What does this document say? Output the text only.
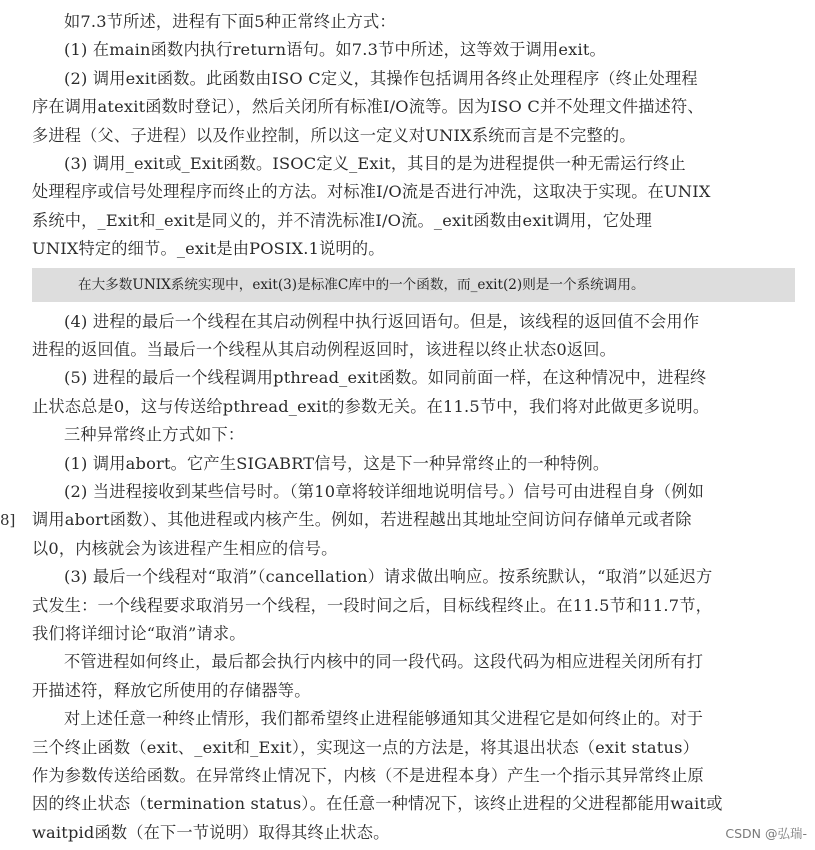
如7.3节所述，进程有下面5种正常终止方式：
(1) 在main函数内执行return语句。如7.3节中所述，这等效于调用exit。
(2) 调用exit函数。此函数由ISO C定义，其操作包括调用各终止处理程序（终止处理程
序在调用atexit函数时登记），然后关闭所有标准I/O流等。因为ISO C并不处理文件描述符、
多进程（父、子进程）以及作业控制，所以这一定义对UNIX系统而言是不完整的。
(3) 调用_exit或_Exit函数。ISOC定义_Exit，其目的是为进程提供一种无需运行终止
处理程序或信号处理程序而终止的方法。对标准I/O流是否进行冲洗，这取决于实现。在UNIX
系统中，_Exit和_exit是同义的，并不清洗标准I/O流。_exit函数由exit调用，它处理
UNIX特定的细节。_exit是由POSIX.1说明的。
在大多数UNIX系统实现中，exit(3)是标准C库中的一个函数，而_exit(2)则是一个系统调用。
(4) 进程的最后一个线程在其启动例程中执行返回语句。但是，该线程的返回值不会用作
进程的返回值。当最后一个线程从其启动例程返回时，该进程以终止状态0返回。
(5) 进程的最后一个线程调用pthread_exit函数。如同前面一样，在这种情况中，进程终
止状态总是0，这与传送给pthread_exit的参数无关。在11.5节中，我们将对此做更多说明。
三种异常终止方式如下：
(1) 调用abort。它产生SIGABRT信号，这是下一种异常终止的一种特例。
(2) 当进程接收到某些信号时。（第10章将较详细地说明信号。）信号可由进程自身（例如
调用abort函数）、其他进程或内核产生。例如，若进程越出其地址空间访问存储单元或者除
以0，内核就会为该进程产生相应的信号。
(3) 最后一个线程对“取消”（cancellation）请求做出响应。按系统默认，“取消”以延迟方
式发生：一个线程要求取消另一个线程，一段时间之后，目标线程终止。在11.5节和11.7节，
我们将详细讨论“取消”请求。
不管进程如何终止，最后都会执行内核中的同一段代码。这段代码为相应进程关闭所有打
开描述符，释放它所使用的存储器等。
对上述任意一种终止情形，我们都希望终止进程能够通知其父进程它是如何终止的。对于
三个终止函数（exit、_exit和_Exit），实现这一点的方法是，将其退出状态（exit status）
作为参数传送给函数。在异常终止情况下，内核（不是进程本身）产生一个指示其异常终止原
因的终止状态（termination status）。在任意一种情况下，该终止进程的父进程都能用wait或
waitpid函数（在下一节说明）取得其终止状态。
8]
CSDN @弘瑞-
